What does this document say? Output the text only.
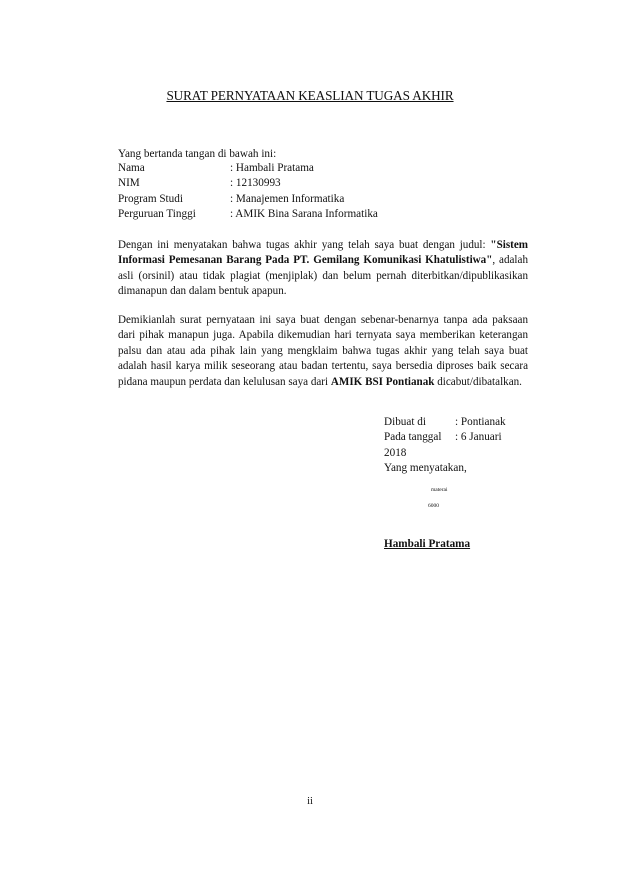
SURAT PERNYATAAN KEASLIAN TUGAS AKHIR
Yang bertanda tangan di bawah ini:
Nama	: Hambali Pratama
NIM	: 12130993
Program Studi	: Manajemen Informatika
Perguruan Tinggi	: AMIK Bina Sarana Informatika
Dengan ini menyatakan bahwa tugas akhir yang telah saya buat dengan judul: "Sistem Informasi Pemesanan Barang Pada PT. Gemilang Komunikasi Khatulistiwa", adalah asli (orsinil) atau tidak plagiat (menjiplak) dan belum pernah diterbitkan/dipublikasikan dimanapun dan dalam bentuk apapun.
Demikianlah surat pernyataan ini saya buat dengan sebenar-benarnya tanpa ada paksaan dari pihak manapun juga. Apabila dikemudian hari ternyata saya memberikan keterangan palsu dan atau ada pihak lain yang mengklaim bahwa tugas akhir yang telah saya buat adalah hasil karya milik seseorang atau badan tertentu, saya bersedia diproses baik secara pidana maupun perdata dan kelulusan saya dari AMIK BSI Pontianak dicabut/dibatalkan.
Dibuat di	: Pontianak
Pada tanggal : 6 Januari
2018
Yang menyatakan,
materai
6000
Hambali Pratama
ii
